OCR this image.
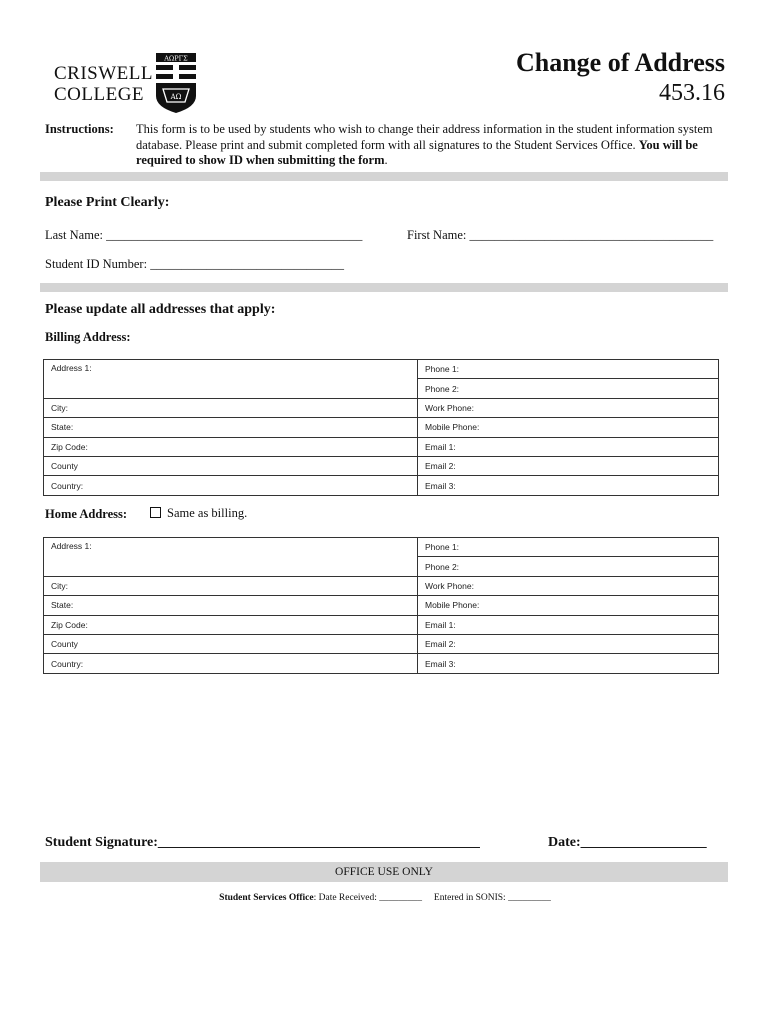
CRISWELL
COLLEGE
ΑΩΡΓΣ
ΑΩ
Change of Address
453.16
Instructions: This form is to be used by students who wish to change their address information in the student information system database. Please print and submit completed form with all signatures to the Student Services Office. You will be required to show ID when submitting the form.
Please Print Clearly:
Last Name: _________________________________________	First Name: _______________________________________
Student ID Number: _______________________________
Please update all addresses that apply:
Billing Address:
Address 1:	Phone 1:
	Phone 2:
City:	Work Phone:
State:	Mobile Phone:
Zip Code:	Email 1:
County	Email 2:
Country:	Email 3:
Home Address:	Same as billing.
Address 1:	Phone 1:
	Phone 2:
City:	Work Phone:
State:	Mobile Phone:
Zip Code:	Email 1:
County	Email 2:
Country:	Email 3:
Student Signature:______________________________________________	Date:__________________
OFFICE USE ONLY
Student Services Office: Date Received: _________ Entered in SONIS: _________
